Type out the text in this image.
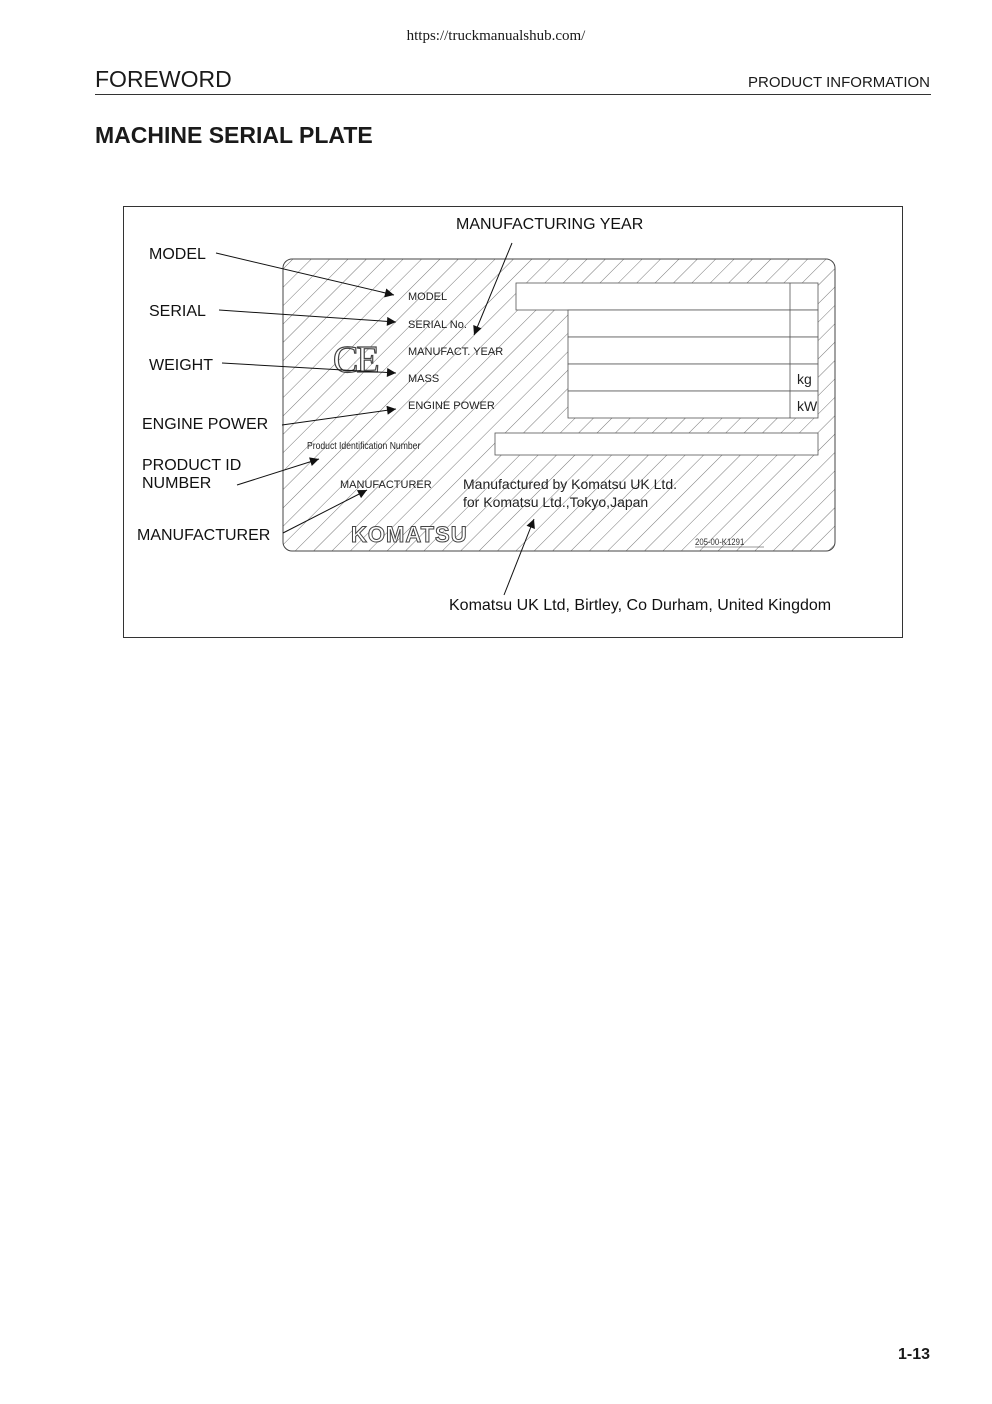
https://truckmanualshub.com/
FOREWORD	PRODUCT INFORMATION
MACHINE SERIAL PLATE
MODEL
SERIAL No.
MANUFACT. YEAR
MASS
ENGINE POWER
kg
kW
Product Identification Number
MANUFACTURER Manufactured by Komatsu UK Ltd.
for Komatsu Ltd.,Tokyo,Japan
CE
KOMATSU	205-00-K1291
MANUFACTURING YEAR
MODEL
SERIAL
WEIGHT
ENGINE POWER
PRODUCT ID
NUMBER
MANUFACTURER
Komatsu UK Ltd, Birtley, Co Durham, United Kingdom
1-13
